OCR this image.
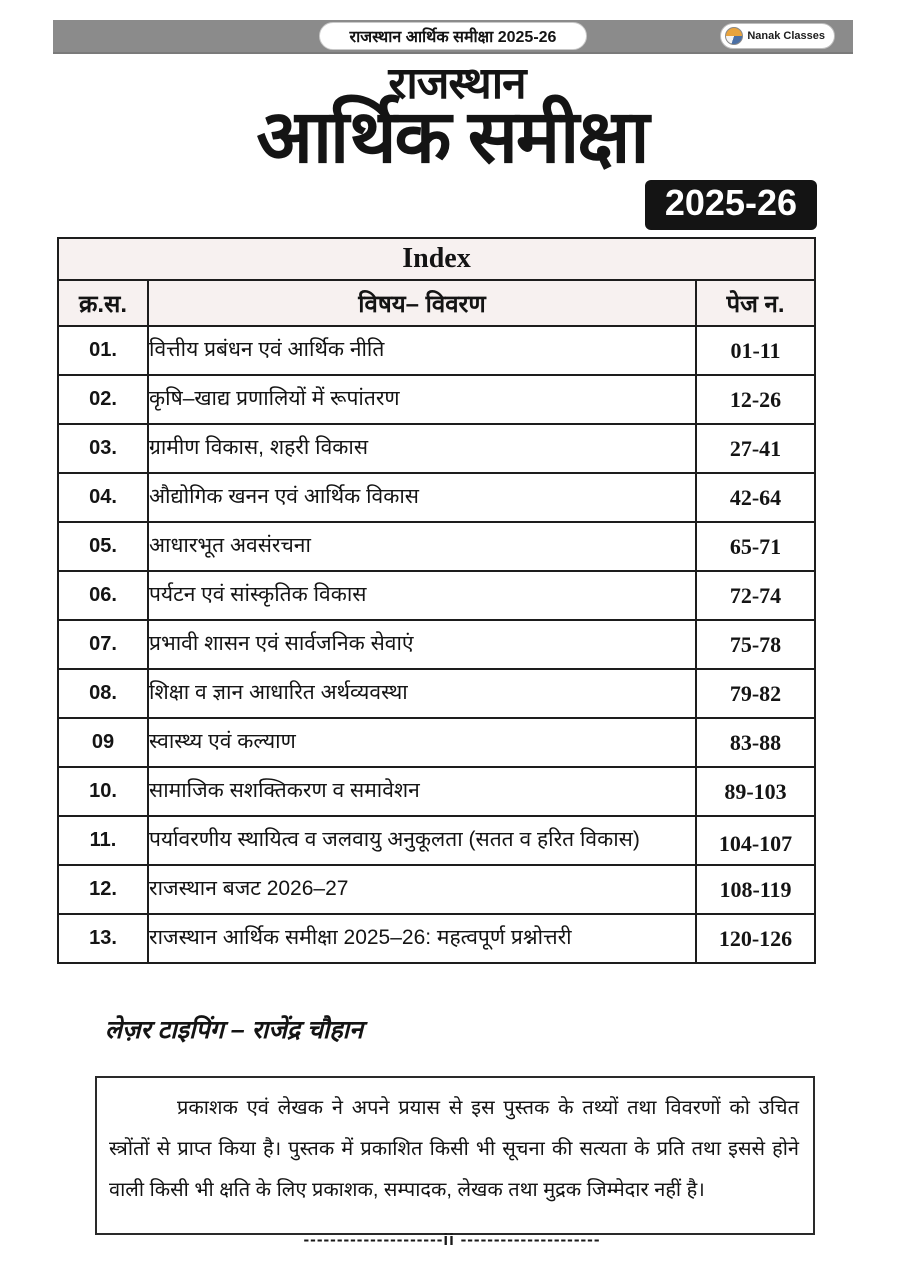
राजस्थान आर्थिक समीक्षा 2025-26	Nanak Classes
राजस्थान
आर्थिक समीक्षा
2025-26
Index		
क्र.स.	विषय– विवरण	पेज न.
01.	वित्तीय प्रबंधन एवं आर्थिक नीति	01-11
02.	कृषि–खाद्य प्रणालियों में रूपांतरण	12-26
03.	ग्रामीण विकास, शहरी विकास	27-41
04.	औद्योगिक खनन एवं आर्थिक विकास	42-64
05.	आधारभूत अवसंरचना	65-71
06.	पर्यटन एवं सांस्कृतिक विकास	72-74
07.	प्रभावी शासन एवं सार्वजनिक सेवाएं	75-78
08.	शिक्षा व ज्ञान आधारित अर्थव्यवस्था	79-82
09	स्वास्थ्य एवं कल्याण	83-88
10.	सामाजिक सशक्तिकरण व समावेशन	89-103
11.	पर्यावरणीय स्थायित्व व जलवायु अनुकूलता (सतत व हरित विकास)	104-107
12.	राजस्थान बजट 2026–27	108-119
13.	राजस्थान आर्थिक समीक्षा 2025–26: महत्वपूर्ण प्रश्नोत्तरी	120-126
लेज़र टाइपिंग – राजेंद्र चौहान

प्रकाशक एवं लेखक ने अपने प्रयास से इस पुस्तक के तथ्यों तथा विवरणों को उचित स्त्रोंतों से प्राप्त किया है। पुस्तक में प्रकाशित किसी भी सूचना की सत्यता के प्रति तथा इससे होने वाली किसी भी क्षति के लिए प्रकाशक, सम्पादक, लेखक तथा मुद्रक जिम्मेदार नहीं है।

---------------------ii ---------------------
